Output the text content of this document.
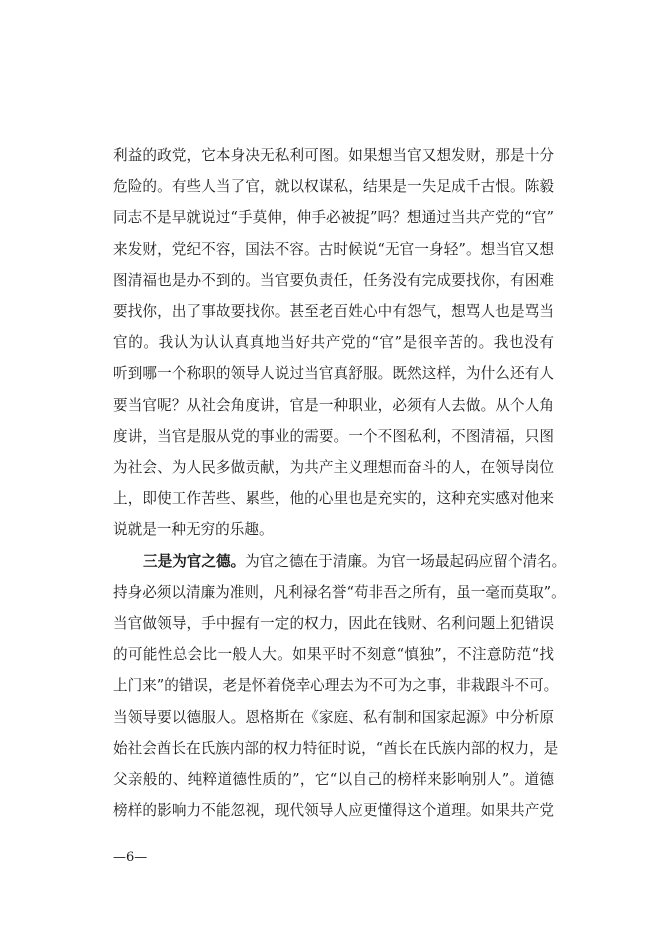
利益的政党，它本身决无私利可图。如果想当官又想发财，那是十分
危险的。有些人当了官，就以权谋私，结果是一失足成千古恨。陈毅
同志不是早就说过“手莫伸，伸手必被捉”吗？想通过当共产党的“官”
来发财，党纪不容，国法不容。古时候说“无官一身轻”。想当官又想
图清福也是办不到的。当官要负责任，任务没有完成要找你，有困难
要找你，出了事故要找你。甚至老百姓心中有怨气，想骂人也是骂当
官的。我认为认认真真地当好共产党的“官”是很辛苦的。我也没有
听到哪一个称职的领导人说过当官真舒服。既然这样，为什么还有人
要当官呢？从社会角度讲，官是一种职业，必须有人去做。从个人角
度讲，当官是服从党的事业的需要。一个不图私利，不图清福，只图
为社会、为人民多做贡献，为共产主义理想而奋斗的人，在领导岗位
上，即使工作苦些、累些，他的心里也是充实的，这种充实感对他来
说就是一种无穷的乐趣。
三是为官之德。为官之德在于清廉。为官一场最起码应留个清名。
持身必须以清廉为准则，凡利禄名誉“苟非吾之所有，虽一毫而莫取”。
当官做领导，手中握有一定的权力，因此在钱财、名利问题上犯错误
的可能性总会比一般人大。如果平时不刻意“慎独”，不注意防范“找
上门来”的错误，老是怀着侥幸心理去为不可为之事，非栽跟斗不可。
当领导要以德服人。恩格斯在《家庭、私有制和国家起源》中分析原
始社会酋长在氏族内部的权力特征时说，“酋长在氏族内部的权力，是
父亲般的、纯粹道德性质的”，它“以自己的榜样来影响别人”。道德
榜样的影响力不能忽视，现代领导人应更懂得这个道理。如果共产党
—6—
